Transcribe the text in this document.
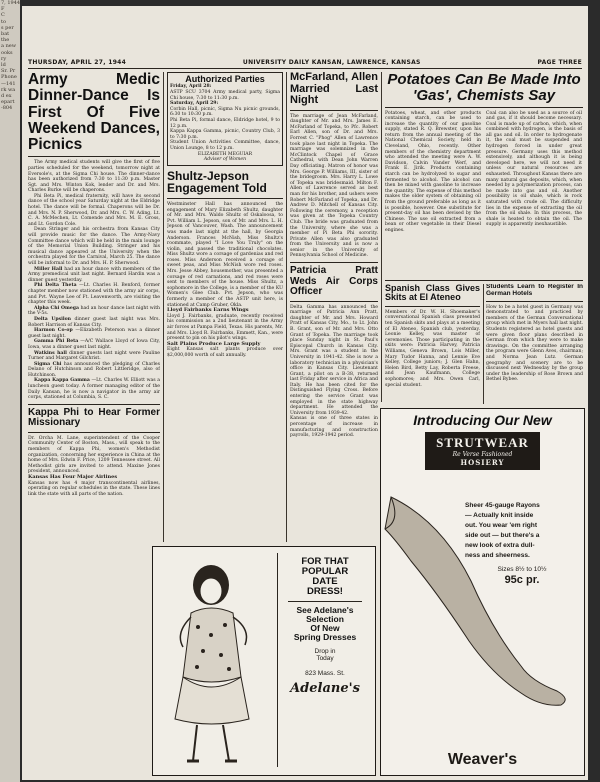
7, 1944
F
C
to
s per
bat
the
a new
ooks
ry
ld
Sr. Pr
Phone
—141
rk wa
d ex
epart
-804
THURSDAY, APRIL 27, 1944	UNIVERSITY DAILY KANSAN, LAWRENCE, KANSAS	PAGE THREE
Army Medic Dinner-Dance Is First Of Five Weekend Dances, Picnics
The Army medical students will give the first of five parties scheduled for the weekend, tomorrow night at Eversole's, at the Sigma Chi house. The dinner-dance has been authorized from 7:30 to 11:30 p.m. Master Sgt. and Mrs. Winton Kok, lender and Dr. and Mrs. Charles Burke will be chaperons.
Phi Beta Pi, medical fraternity, will have its second dance of the school year Saturday night at the Eldridge hotel. The dance will be formal. Chaperons will be Dr. and Mrs. N. P. Sherwood, Dr. and Mrs. C. W. Ading, Lt. C. A. McMechen, Lt. Comende and Mrs. M. E. Gross, and Lt. Gordon Cole.
Dean Stringer and his orchestra from Kansas City will provide music for the dance. The Army-Navy Committee dance which will be held in the main lounge of the Memorial Union Building. Stringer and his musical dance appeared at the University when the orchestra played for the Carnival, March 25. The dance will be informal to Dr. and Mrs. H. P. Sherwood.
Miller Hall had an hour dance with members of the Army premedical unit last night. Bernard Hardin was a dinner guest yesterday.
Phi Delta Theta —Lt. Charles H. Benford, former chapter member now stationed with the army air corps, and Pvt. Wayne Lee of Ft. Leavenworth, are visiting the chapter this week.
Alpha Chi Omega had an hour dance last night with the V-5s.
Delta Upsilon dinner guest last night was Mrs. Robert Harrison of Kansas City.
Harmon Co-op —Elizabeth Peterson was a dinner guest last night.
Gamma Phi Beta —A/C Wallace Lloyd of Iowa City, Iowa, was a dinner guest last night.
Watkins hall dinner guests last night were Pauline Turner and Margaret Gilchrist.
Sigma Chi has announced the pledging of Charles Delano of Hutchinson and Robert Littleridge, also of Hutchinson.
Kappa Kappa Gamma —Lt. Charles W. Elliott was a luncheon guest today. A former managing editor of the Daily Kansan, he is now a navigator in the army air corps, stationed at Columbia, S. C.
Kappa Phi to Hear Former Missionary
Dr. Orcha M. Lane, superintendent of the Cooper Community Center of Boston, Mass., will speak to the members of Kappa Phi, women's Methodist organization, concerning her experience in China at the home of Mrs. Edwin F. Price, 1209 Tennessee street. All Methodist girls are invited to attend. Maxine Jones president, announced.
Kansas Has Four Major Airlines
Kansas now has 4 major transcontinental airlines, operating on regular schedules in the state. These lines link the state with all parts of the nation.
Authorized Parties
Friday, April 28:
ASTP SCU 3704 Army medical party, Sigma Chi house, 7:30 to 11:30 p.m.
Saturday, April 29:
Corbin Hall, picnic, Sigma Nu picnic grounds, 6:30 to 10:30 p.m.
Phi Beta Pi, formal dance, Eldridge hotel, 9 to 12 p.m.
Kappa Kappa Gamma, picnic, Country Club, 3 to 7:30 p.m.
Student Union Activities Committee, dance, Union Lounge, 8 to 12 p.m.
ELIZABETH MEGUIAR
Adviser of Women
Shultz-Jepson Engagement Told
Westminster Hall has announced the engagement of Mary Elizabeth Shultz, daughter of Mr. and Mrs. Waldo Shultz of Oskaloosa, to Pvt. William L. Jepson, son of Mr. and Mrs. L. H. Jepson of Vancouver, Wash. The announcement was made last night at the hall, by Georgia Anderson. Frances McNish, Miss Shultz's roommate, played "I Love You Truly" on the violin, and passed the traditional chocolates. Miss Shultz wore a corsage of gardenias and red roses. Miss Anderson received a corsage of sweet peas, and Miss McNish wore red roses. Mrs. Jesse Abbey, housemother, was presented a corsage of red carnations, and red roses were sent to members of the house. Miss Shultz, a sophomore in the College, is a member of the KU Women's Glee Club. Pvt. Jepson, who was formerly a member of the ASTP unit here, is stationed at Camp Gruber, Okla.
Lloyd Fairbanks Earns Wings
Lloyd J. Fairbanks, graduate, recently received his commission as a 2nd lieutenant in the Army air forces at Pampa Field, Texas. His parents, Mr. and Mrs. Lloyd R. Fairbanks, Emmett, Kan., were present to pin on his pilot's wings.
Salt Plains Produce Large Supply
Eight Kansas salt plants produce over $2,000,000 worth of salt annually.
McFarland, Allen Married Last Night
The marriage of Jean McFarland, daughter of Mr. and Mrs. James E. McFarland of Topeka, to Pfc. Robert Earl Allen, son of Dr. and Mrs. Forrest C. "Phog" Allen of Lawrence took place last night in Topeka. The marriage was solemnized in the McClintock Chapel of Grace Cathedral, with Dean John Warren Day officiating. Matron of honor was Mrs. George P. Williams, III, sister of the bridegroom. Mrs. Harry L. Lowe of Topeka was bridesmaid. Milton F. Allen of Lawrence served as best man for his brother, and ushers were Robert McFarland of Topeka, and Dr. Andrew D. Mitchell of Kansas City. Following the ceremony, a reception was given at the Topeka Country Club. The bride was graduated from the University, where she was a member of Pi Beta Phi sorority. Private Allen was also graduated from the University and is now a senior in the University of Pennsylvania School of Medicine.
Patricia Pratt Weds Air Corps Officer
Delta Gamma has announced the marriage of Patricia Ann Pratt, daughter of Mr. and Mrs. Howard Pratt of Kansas City, Mo., to Lt. John B. Grant, son of Mr. and Mrs. Otto Grant of Topeka. The marriage took place Sunday night in St. Paul's Episcopal Church in Kansas City. Mrs. Grant was a student in the University in 1941-42. She is now a laboratory technician in a physician's office in Kansas City. Lieutenant Grant, a pilot on a B-38, returned last Friday after service in Africa and Italy. He has been cited for the Distinguished Flying Cross. Before entering the service Grant was employed in the state highway department. He attended the University from 1939-42.
Kansas is one of three states in percentage of increase in manufacturing and construction payrolls, 1929-1942 period.
Potatoes Can Be Made Into 'Gas', Chemists Say
Potatoes, wheat, and other products containing starch, can be used to increase the quantity of our gasoline supply, stated R. Q. Brewster, upon his return from the annual meeting of the National Chemical Society, held in Cleveland, Ohio, recently. Other members of the chemistry department who attended the meeting were A. W. Davidson, Calvin Vander Werf, and Frank E. Jirik. Products containing starch can be hydrolyzed to sugar and fermented to alcohol. The alcohol can then be mixed with gasoline to increase the quantity. The expense of this method makes the older system of obtaining oil from the ground preferable as long as it is possible, however. One substitute for present-day oil has been devised by the Chinese. The use oil extracted from a bean or other vegetable in their Diesel engines.
Coal can also be used as a source of oil and gas, if it should become necessary. Coal is made up of carbon, which, when combined with hydrogen, is the basis of all gas and oil. In order to hydrogenate it, the coal must be suspended and hydrogen forced in under great pressure. Germany uses this method extensively, and although it is being developed here, we will not need it unless our natural resources are exhausted. Throughout Kansas there are many natural gas deposits, which, when needed by a polymerization process, can be made into gas and oil. Another possibility is oil shale, which is rock saturated with crude oil. The difficulty lies in the expense of extracting the oil from the oil shale. In this process, the shale is heated to obtain the oil. The supply is apparently inexhaustible.
Spanish Class Gives Skits at El Ateneo
Members of Dr. W. H. Shoemaker's conversational Spanish class presented ten Spanish skits and plays at a meeting of El Ateneo, Spanish club, yesterday. Leonie Kelley, was master of ceremonies. Those participating in the skits were: Patricia Harvey, Patricia Williams, Geneva Brown, Lois Miller, Mary Tudor Hanna, and Lennie Eve Kelley, College juniors; J. Glen Hahn, Helen Bird, Betty Lay, Roberta Freese, and Jean Kaufmann, College sophomores; and Mrs. Owen Carl, special student.
Students Learn to Register In German Hotels
How to be a hotel guest in Germany was demonstrated to and practiced by members of the German Conversational group which met in Myers hall last night. Students registered as hotel guests and were given floor plans described in German from which they were to make drawings. On the committee arranging the program were Glenn Aves, chairman; and Norma Jean Lutz. German geography and scenery are to be discussed next Wednesday by the group under the leadership of Rose Brown and Bethel Bybee.
FOR THAT
POPULAR
DATE
DRESS!
See Adelane's
Selection
Of New
Spring Dresses
Drop in
Today
823 Mass. St.
Adelane's
Introducing Our New
STRUTWEAR
Re Verse Fashioned
HOSIERY
Sheer 45-gauge Rayons
— Actually knit inside
out. You wear 'em right
side out — but there's a
new look of extra dull-
ness and sheerness.
Sizes 8½ to 10½
95c pr.
Weaver's
